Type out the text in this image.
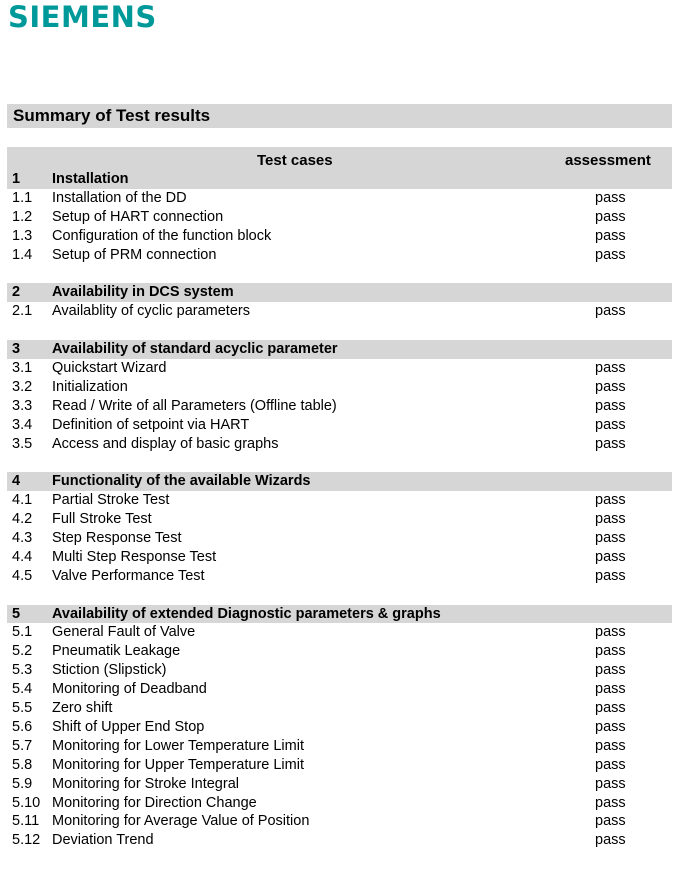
SIEMENS
Summary of Test results
Test cases	assessment
1 Installation
1.1 Installation of the DD	pass
1.2 Setup of HART connection	pass
1.3 Configuration of the function block	pass
1.4 Setup of PRM connection	pass
2 Availability in DCS system
2.1 Availablity of cyclic parameters	pass
3 Availability of standard acyclic parameter
3.1 Quickstart Wizard	pass
3.2 Initialization	pass
3.3 Read / Write of all Parameters (Offline table)	pass
3.4 Definition of setpoint via HART	pass
3.5 Access and display of basic graphs	pass
4 Functionality of the available Wizards
4.1 Partial Stroke Test	pass
4.2 Full Stroke Test	pass
4.3 Step Response Test	pass
4.4 Multi Step Response Test	pass
4.5 Valve Performance Test	pass
5 Availability of extended Diagnostic parameters & graphs
5.1 General Fault of Valve	pass
5.2 Pneumatik Leakage	pass
5.3 Stiction (Slipstick)	pass
5.4 Monitoring of Deadband	pass
5.5 Zero shift	pass
5.6 Shift of Upper End Stop	pass
5.7 Monitoring for Lower Temperature Limit	pass
5.8 Monitoring for Upper Temperature Limit	pass
5.9 Monitoring for Stroke Integral	pass
5.10 Monitoring for Direction Change	pass
5.11 Monitoring for Average Value of Position	pass
5.12 Deviation Trend	pass
